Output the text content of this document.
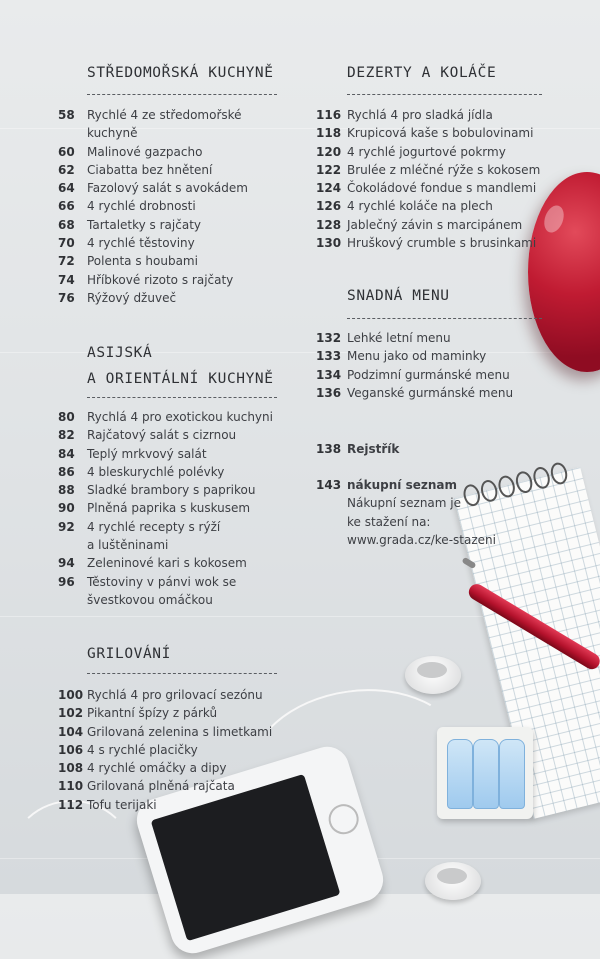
STŘEDOMOŘSKÁ KUCHYNĚ
58	Rychlé 4 ze středomořské
kuchyně
60	Malinové gazpacho
62	Ciabatta bez hnětení
64	Fazolový salát s avokádem
66	4 rychlé drobnosti
68	Tartaletky s rajčaty
70	4 rychlé těstoviny
72	Polenta s houbami
74	Hříbkové rizoto s rajčaty
76	Rýžový džuveč
ASIJSKÁ
A ORIENTÁLNÍ KUCHYNĚ
80	Rychlá 4 pro exotickou kuchyni
82	Rajčatový salát s cizrnou
84	Teplý mrkvový salát
86	4 bleskurychlé polévky
88	Sladké brambory s paprikou
90	Plněná paprika s kuskusem
92	4 rychlé recepty s rýží
a luštěninami
94	Zeleninové kari s kokosem
96	Těstoviny v pánvi wok se
švestkovou omáčkou
GRILOVÁNÍ
100 Rychlá 4 pro grilovací sezónu
102 Pikantní špízy z párků
104 Grilovaná zelenina s limetkami
106 4 s rychlé placičky
108 4 rychlé omáčky a dipy
110 Grilovaná plněná rajčata
112 Tofu terijaki
DEZERTY A KOLÁČE
116 Rychlá 4 pro sladká jídla
118 Krupicová kaše s bobulovinami
120 4 rychlé jogurtové pokrmy
122 Brulée z mléčné rýže s kokosem
124 Čokoládové fondue s mandlemi
126 4 rychlé koláče na plech
128 Jablečný závin s marcipánem
130 Hruškový crumble s brusinkami
SNADNÁ MENU
132 Lehké letní menu
133 Menu jako od maminky
134 Podzimní gurmánské menu
136 Veganské gurmánské menu
138 Rejstřík
143 nákupní seznam
Nákupní seznam je
ke stažení na:
www.grada.cz/ke-stazeni
